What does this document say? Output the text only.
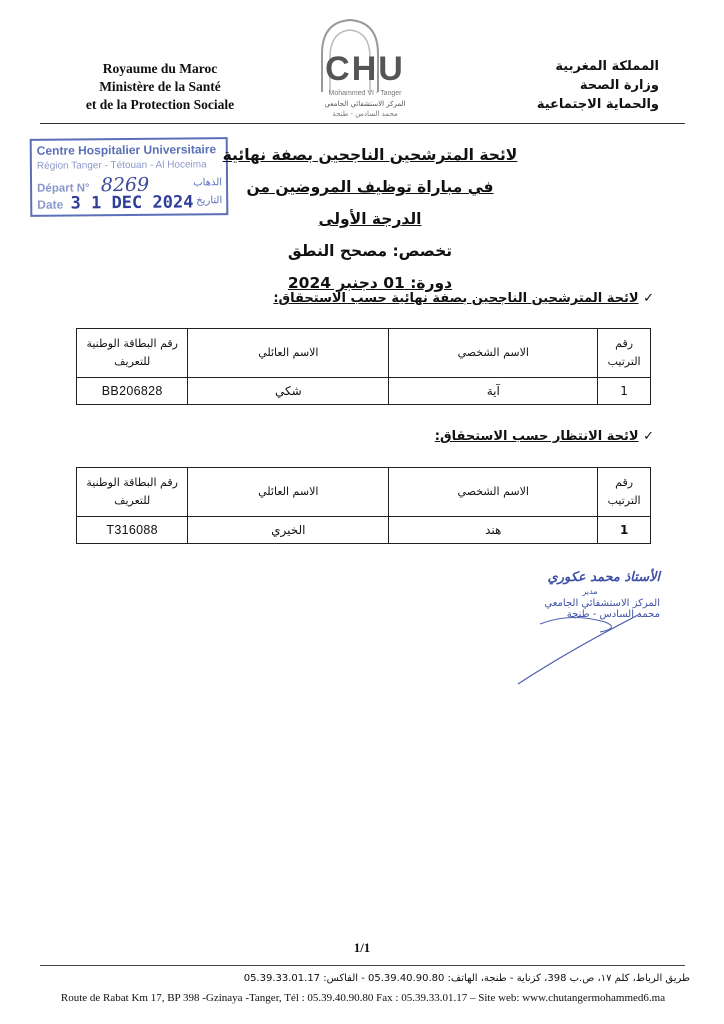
Royaume du Maroc
Ministère de la Santé
et de la Protection Sociale
CHU
Mohammed VI - Tanger
المركز الاستشفائي الجامعي
محمد السادس - طنجة
المملكة المغربية
وزارة الصحة
والحماية الاجتماعية
Centre Hospitalier Universitaire
Région Tanger - Tétouan - Al Hoceima
Départ N° 8269	الذهاب
Date 3 1 DEC 2024 التاريخ
لائحة المترشحين الناجحين بصفة نهائية
في مباراة توظيف المروضين من الدرجة الأولى
تخصص: مصحح النطق
دورة: 01 دجنبر 2024
✓ لائحة المترشحين الناجحين بصفة نهائية حسب الاستحقاق:
رقم الترتيب	الاسم الشخصي	الاسم العائلي	رقم البطاقة الوطنية للتعريف
1	آية	شكي	BB206828
✓ لائحة الانتظار حسب الاستحقاق:
رقم الترتيب	الاسم الشخصي	الاسم العائلي	رقم البطاقة الوطنية للتعريف
1	هند	الخيري	T316088
الأستاذ محمد عكوري
مدير
المركز الاستشفائي الجامعي
محمد السادس - طنجة
1/1
طريق الرباط، كلم ١٧، ص.ب 398، كزناية - طنجة، الهاتف: 05.39.40.90.80 - الفاكس: 05.39.33.01.17
Route de Rabat Km 17, BP 398 -Gzinaya -Tanger, Tél : 05.39.40.90.80 Fax : 05.39.33.01.17 – Site web: www.chutangermohammed6.ma
